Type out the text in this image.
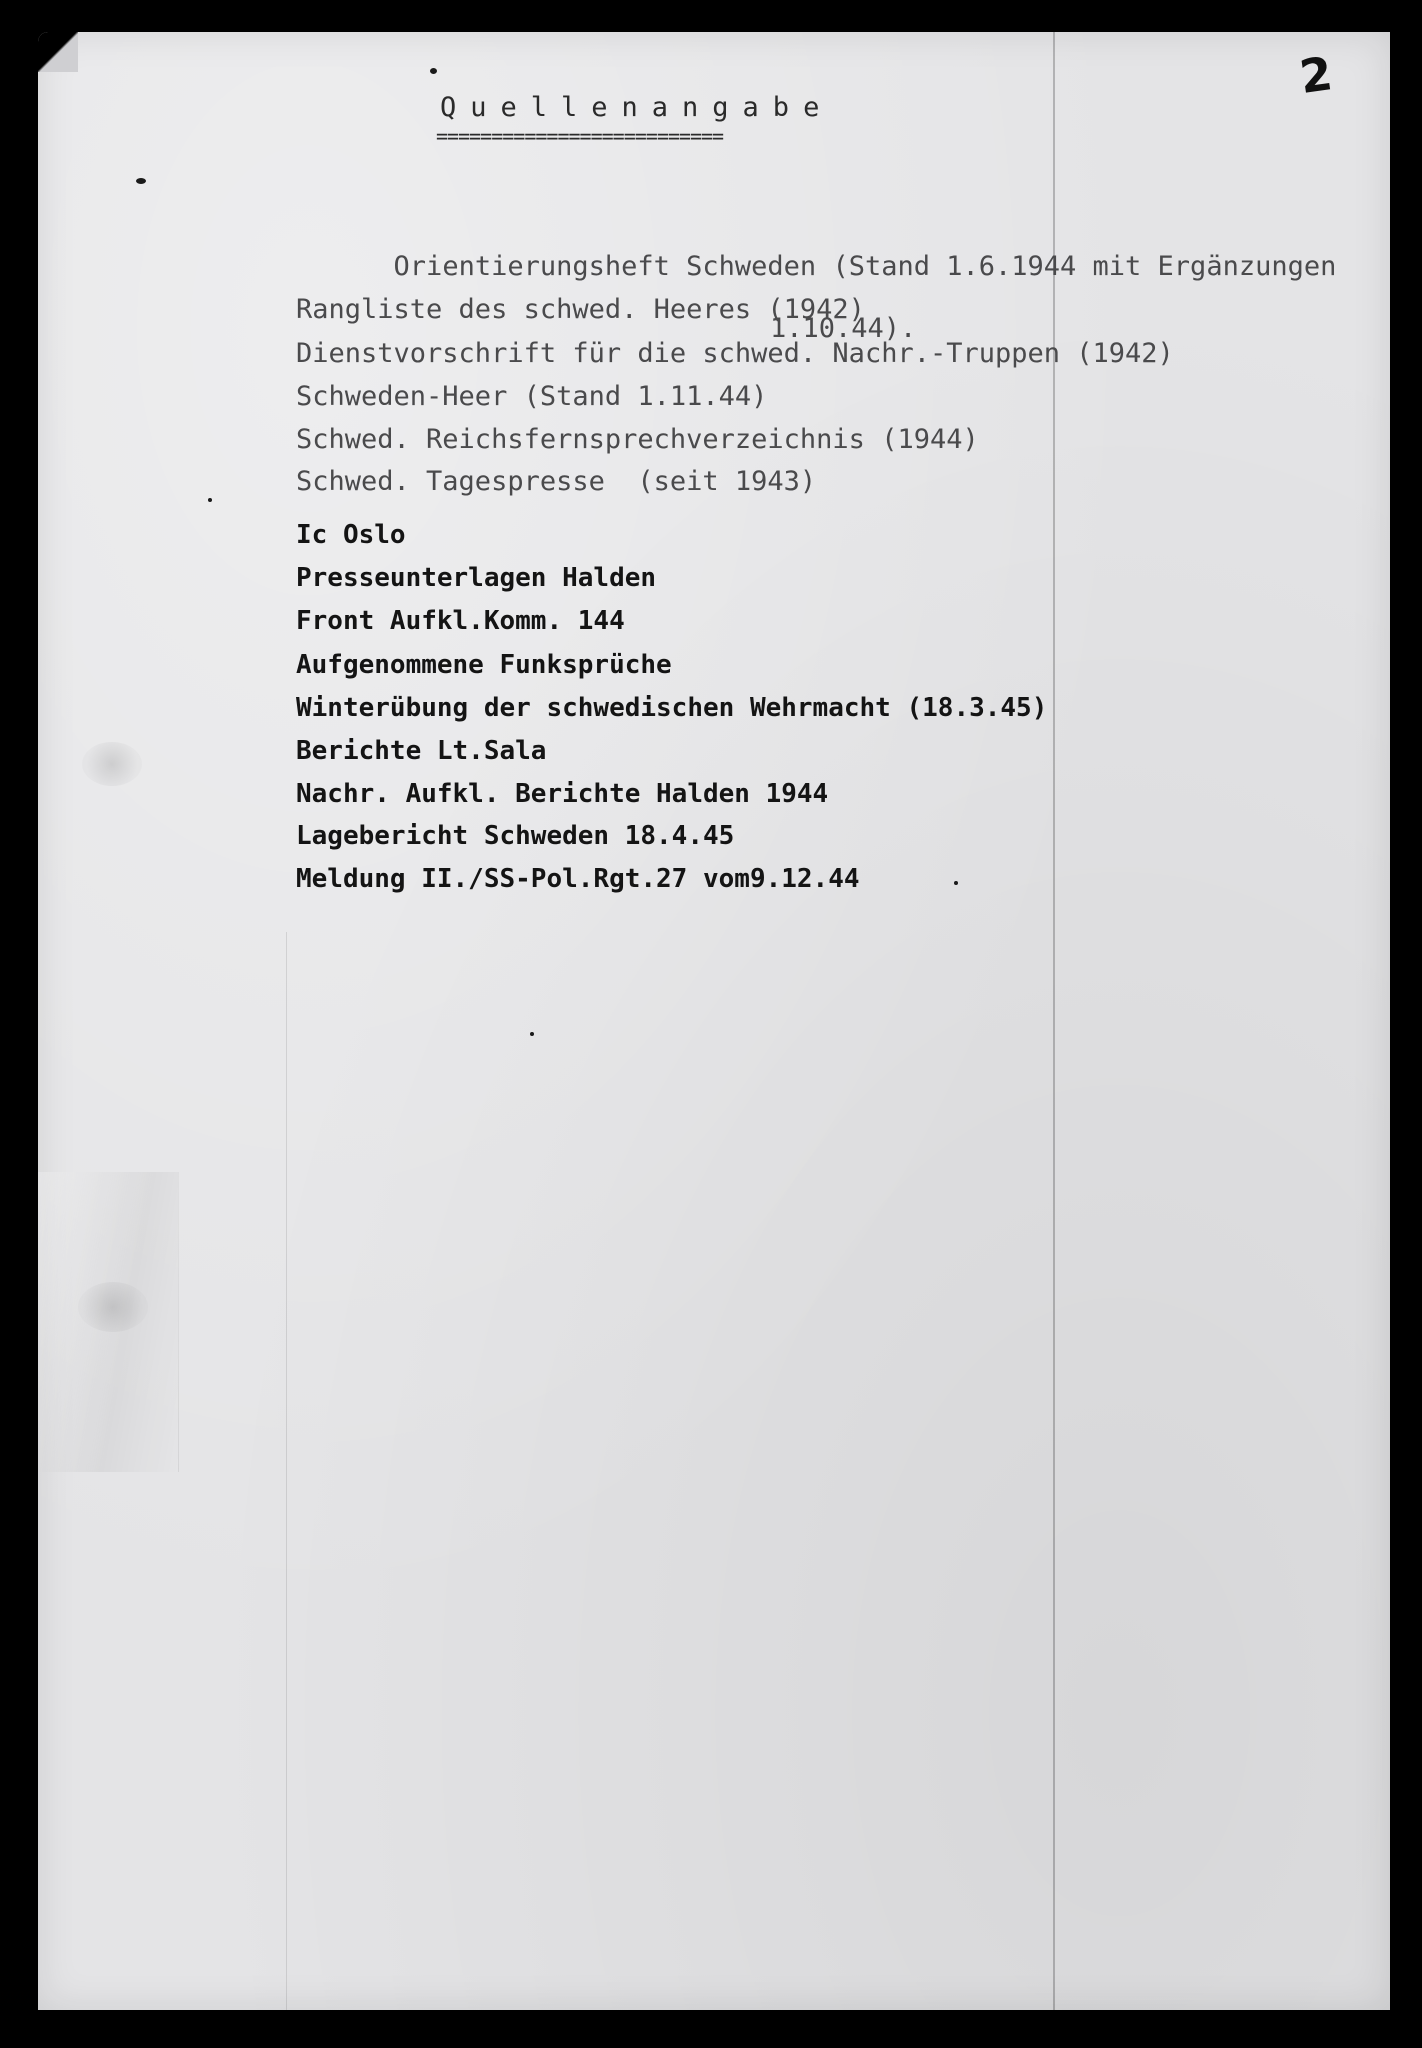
2
Quellenangabe
==========================

Orientierungsheft Schweden (Stand 1.6.1944 mit Ergänzungen

1.10.44).

Rangliste des schwed. Heeres (1942)
Dienstvorschrift für die schwed. Nachr.-Truppen (1942)
Schweden-Heer (Stand 1.11.44)
Schwed. Reichsfernsprechverzeichnis (1944)
Schwed. Tagespresse  (seit 1943)
Ic Oslo
Presseunterlagen Halden
Front Aufkl.Komm. 144
Aufgenommene Funksprüche
Winterübung der schwedischen Wehrmacht (18.3.45)
Berichte Lt.Sala
Nachr. Aufkl. Berichte Halden 1944
Lagebericht Schweden 18.4.45
Meldung II./SS-Pol.Rgt.27 vom9.12.44
